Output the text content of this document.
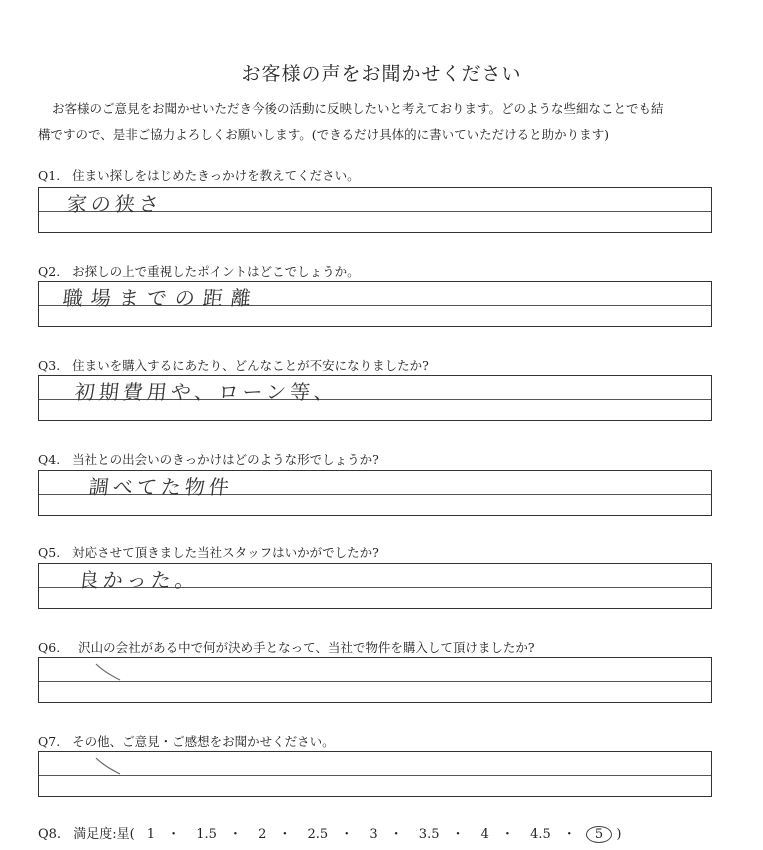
お客様の声をお聞かせください
お客様のご意見をお聞かせいただき今後の活動に反映したいと考えております。どのような些細なことでも結
構ですので、是非ご協力よろしくお願いします。(できるだけ具体的に書いていただけると助かります)
Q1. 住まい探しをはじめたきっかけを教えてください。
家の狭さ
Q2. お探しの上で重視したポイントはどこでしょうか。
職場までの距離
Q3. 住まいを購入するにあたり、どんなことが不安になりましたか?
初期費用や、ローン等、
Q4. 当社との出会いのきっかけはどのような形でしょうか?
調べてた物件
Q5. 対応させて頂きました当社スタッフはいかがでしたか?
良かった。
Q6. 沢山の会社がある中で何が決め手となって、当社で物件を購入して頂けましたか?
Q7. その他、ご意見・ご感想をお聞かせください。
Q8. 満足度:星( 1 ・ 1.5 ・ 2 ・ 2.5 ・ 3 ・ 3.5 ・ 4 ・ 4.5 ・ 5 )
